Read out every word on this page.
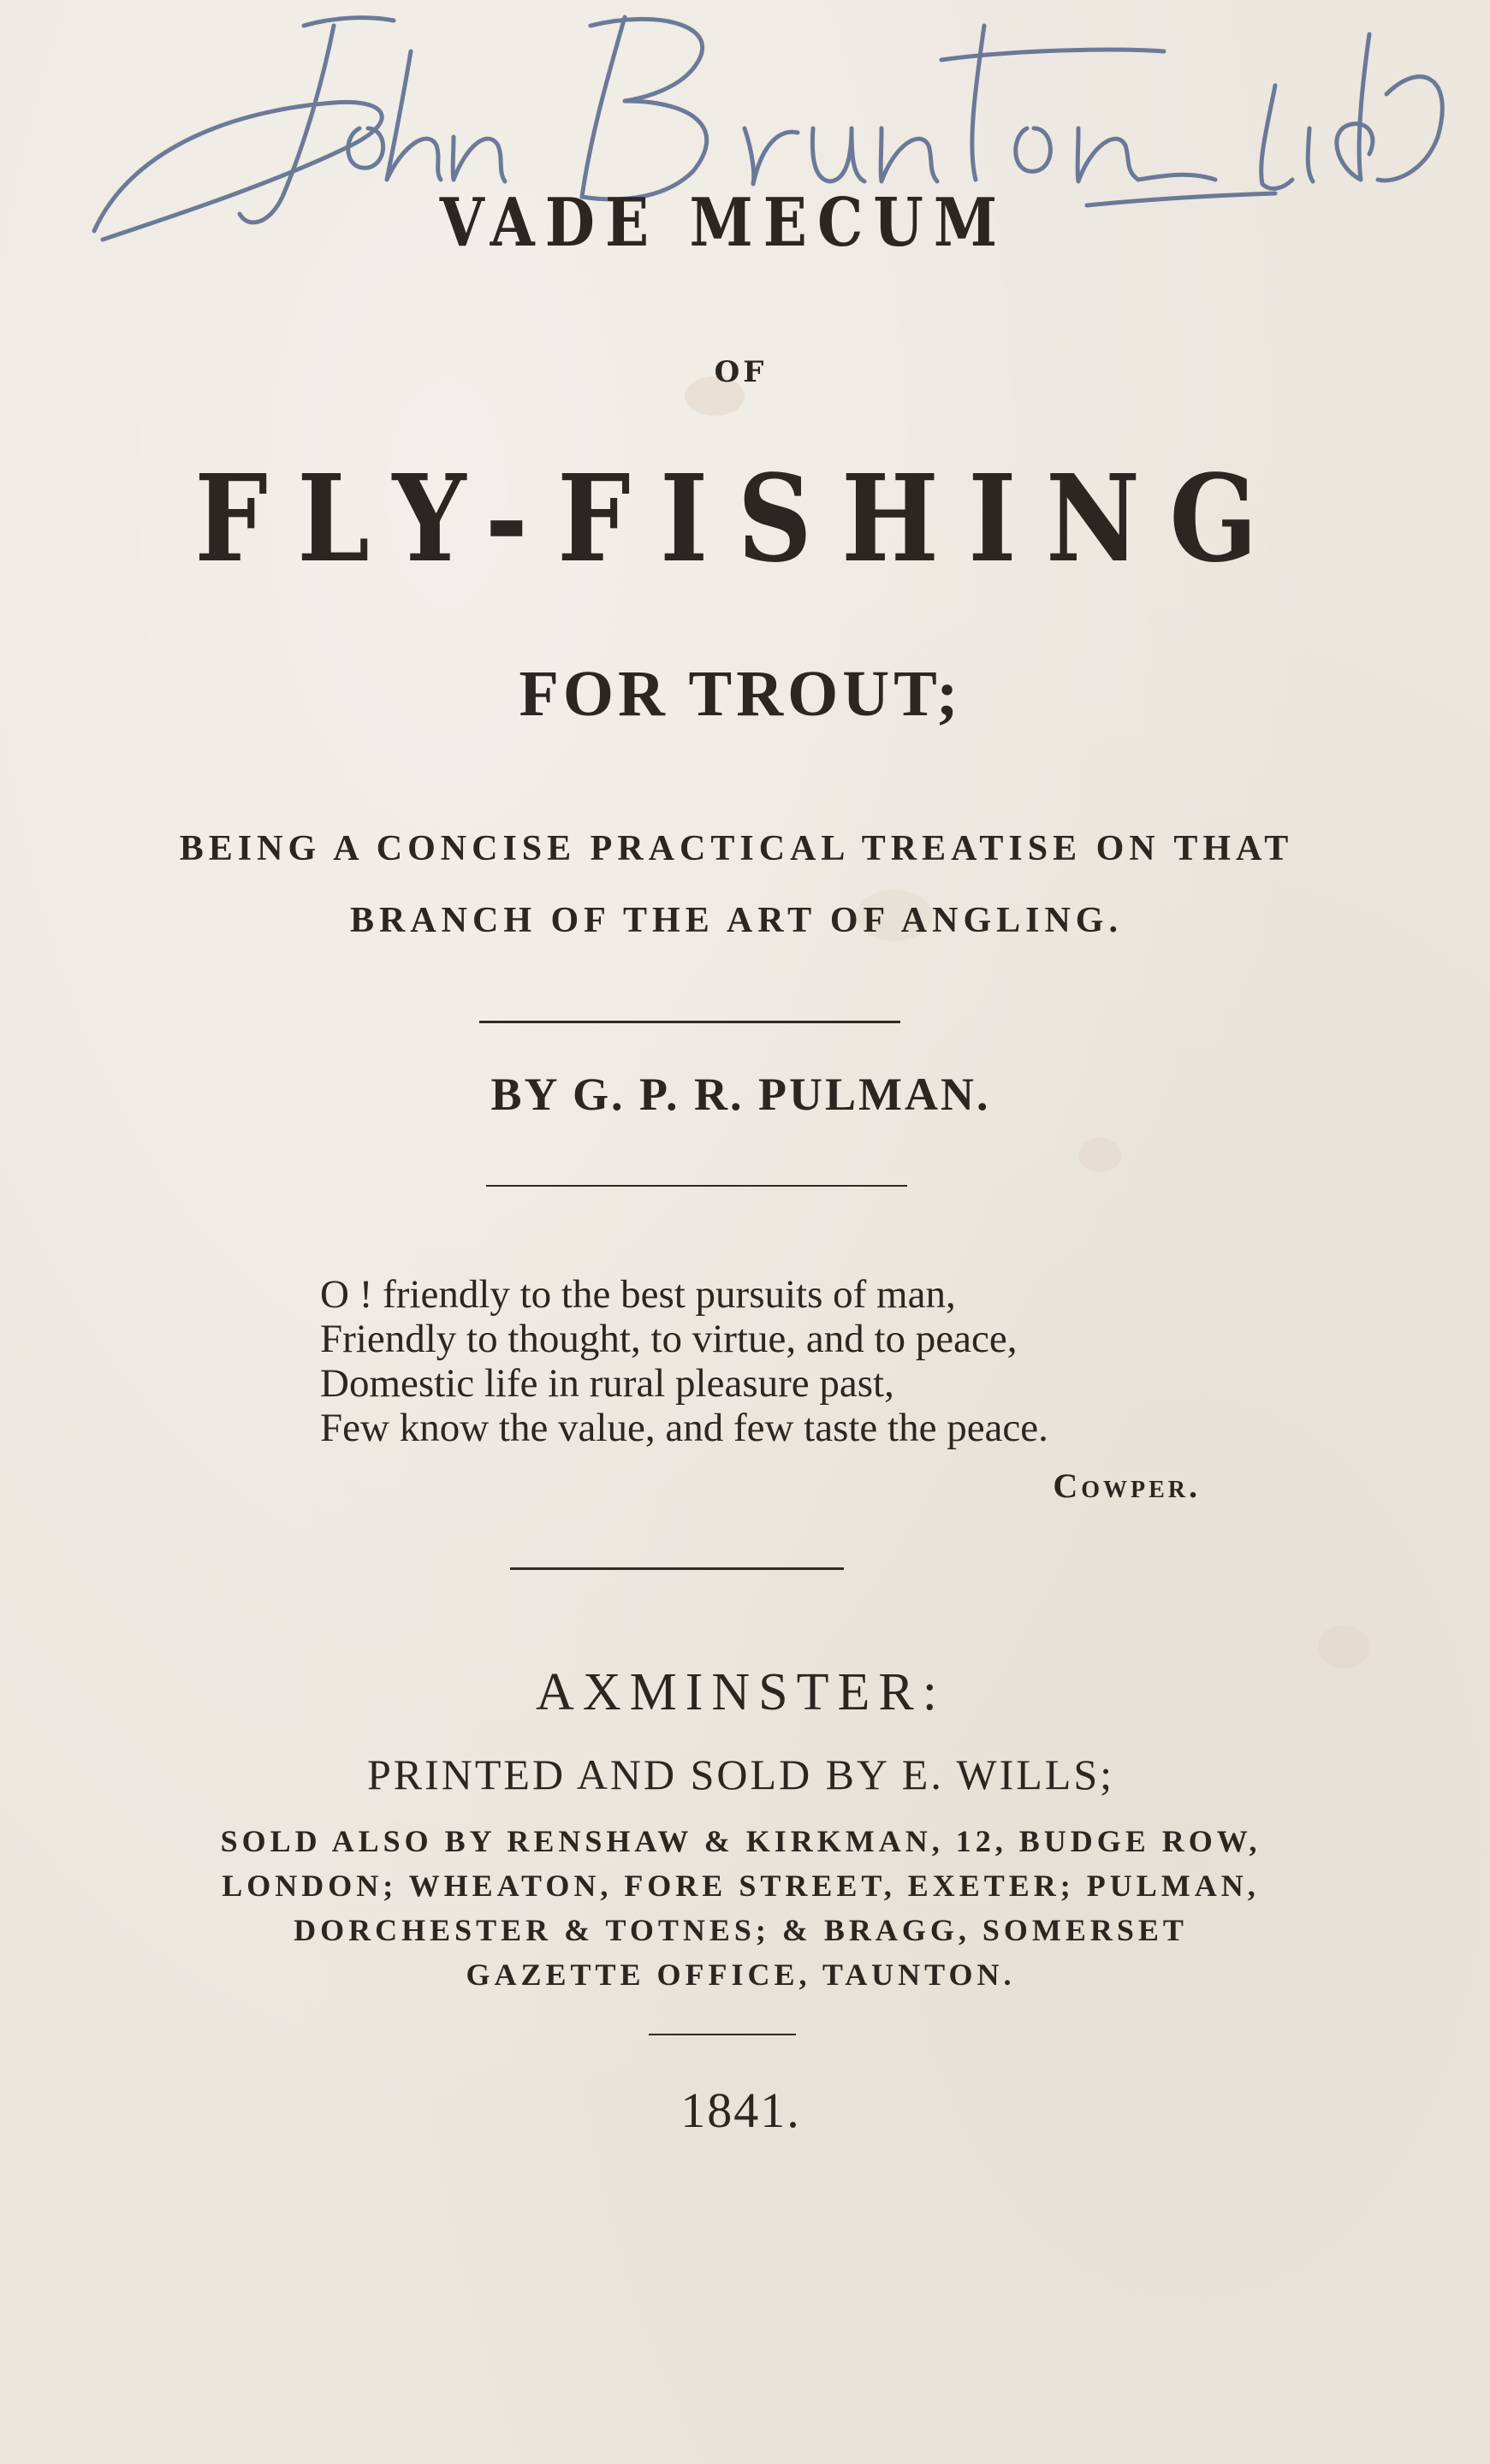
VADE MECUM
OF
FLY-FISHING
FOR TROUT;
BEING A CONCISE PRACTICAL TREATISE ON THAT
BRANCH OF THE ART OF ANGLING.
BY G. P. R. PULMAN.
O ! friendly to the best pursuits of man,
Friendly to thought, to virtue, and to peace,
Domestic life in rural pleasure past,
Few know the value, and few taste the peace.
Cowper.
AXMINSTER:
PRINTED AND SOLD BY E. WILLS;
SOLD ALSO BY RENSHAW & KIRKMAN, 12, BUDGE ROW,
LONDON; WHEATON, FORE STREET, EXETER; PULMAN,
DORCHESTER & TOTNES; & BRAGG, SOMERSET
GAZETTE OFFICE, TAUNTON.
1841.
